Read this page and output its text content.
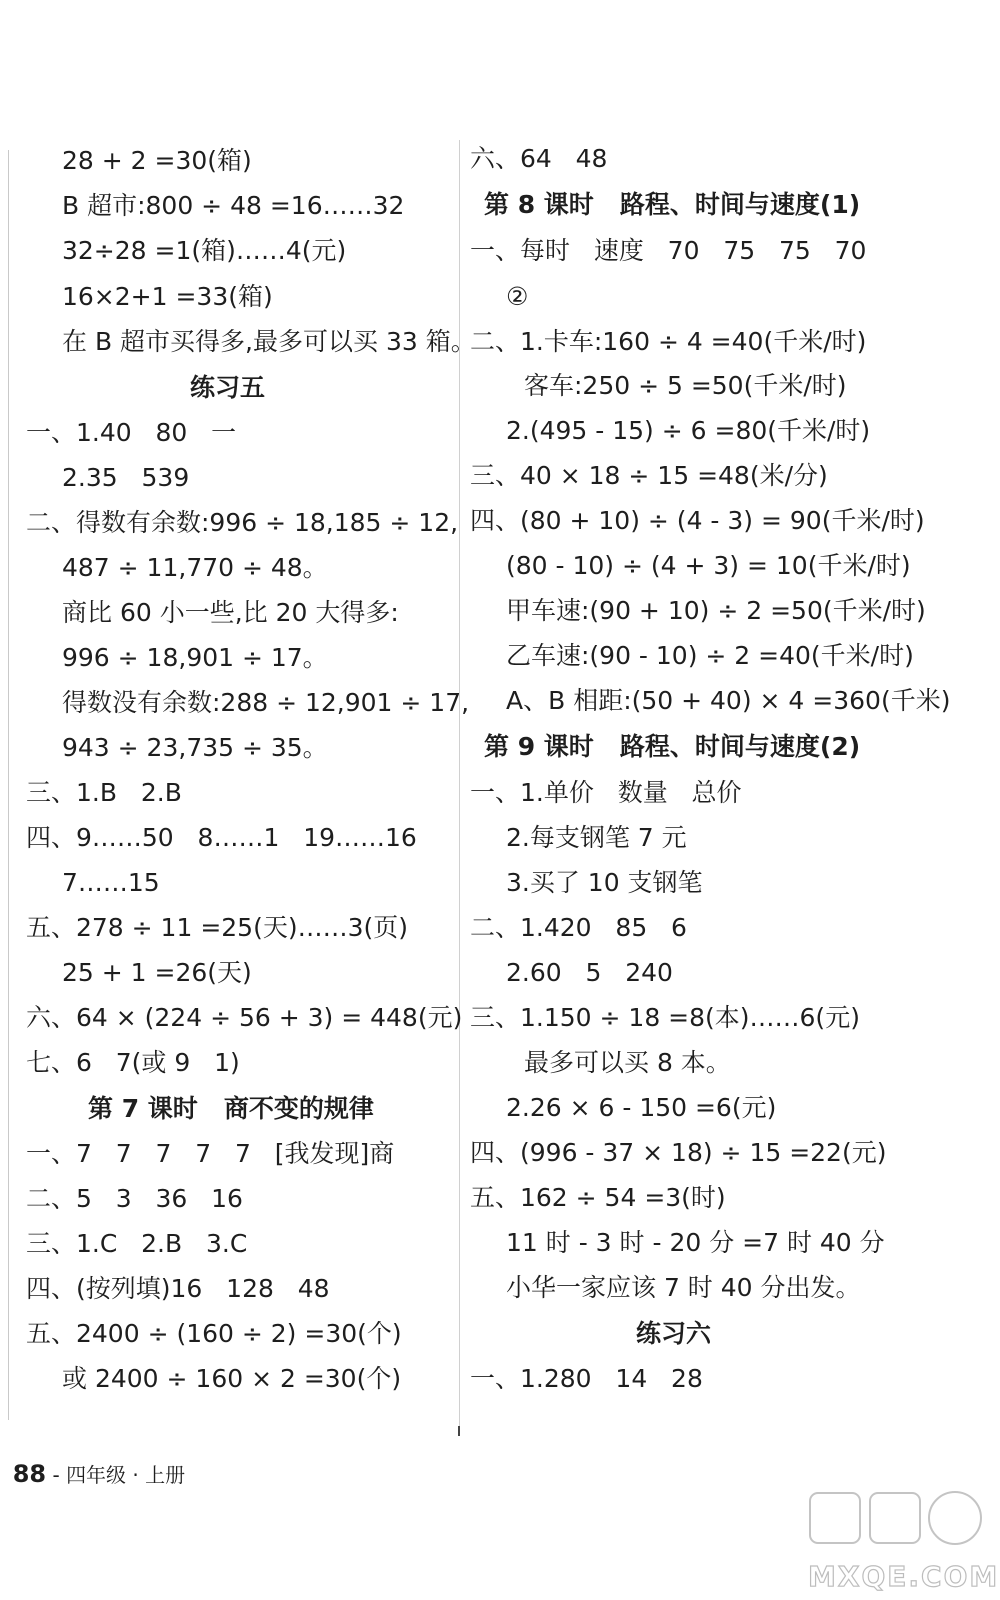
28 + 2 =30(箱)
B 超市:800 ÷ 48 =16……32
32÷28 =1(箱)……4(元)
16×2+1 =33(箱)
在 B 超市买得多,最多可以买 33 箱。
练习五
一、1.40   80   一
2.35   539
二、得数有余数:996 ÷ 18,185 ÷ 12,
487 ÷ 11,770 ÷ 48。
商比 60 小一些,比 20 大得多:
996 ÷ 18,901 ÷ 17。
得数没有余数:288 ÷ 12,901 ÷ 17,
943 ÷ 23,735 ÷ 35。
三、1.B   2.B
四、9……50   8……1   19……16
7……15
五、278 ÷ 11 =25(天)……3(页)
25 + 1 =26(天)
六、64 × (224 ÷ 56 + 3) = 448(元)
七、6   7(或 9   1)
第 7 课时   商不变的规律
一、7   7   7   7   7   [我发现]商
二、5   3   36   16
三、1.C   2.B   3.C
四、(按列填)16   128   48
五、2400 ÷ (160 ÷ 2) =30(个)
或 2400 ÷ 160 × 2 =30(个)
六、64   48
第 8 课时   路程、时间与速度(1)
一、每时   速度   70   75   75   70
②
二、1.卡车:160 ÷ 4 =40(千米/时)
客车:250 ÷ 5 =50(千米/时)
2.(495 - 15) ÷ 6 =80(千米/时)
三、40 × 18 ÷ 15 =48(米/分)
四、(80 + 10) ÷ (4 - 3) = 90(千米/时)
(80 - 10) ÷ (4 + 3) = 10(千米/时)
甲车速:(90 + 10) ÷ 2 =50(千米/时)
乙车速:(90 - 10) ÷ 2 =40(千米/时)
A、B 相距:(50 + 40) × 4 =360(千米)
第 9 课时   路程、时间与速度(2)
一、1.单价   数量   总价
2.每支钢笔 7 元
3.买了 10 支钢笔
二、1.420   85   6
2.60   5   240
三、1.150 ÷ 18 =8(本)……6(元)
最多可以买 8 本。
2.26 × 6 - 150 =6(元)
四、(996 - 37 × 18) ÷ 15 =22(元)
五、162 ÷ 54 =3(时)
11 时 - 3 时 - 20 分 =7 时 40 分
小华一家应该 7 时 40 分出发。
练习六
一、1.280   14   28

88 - 四年级 · 上册

MXQE.COM
